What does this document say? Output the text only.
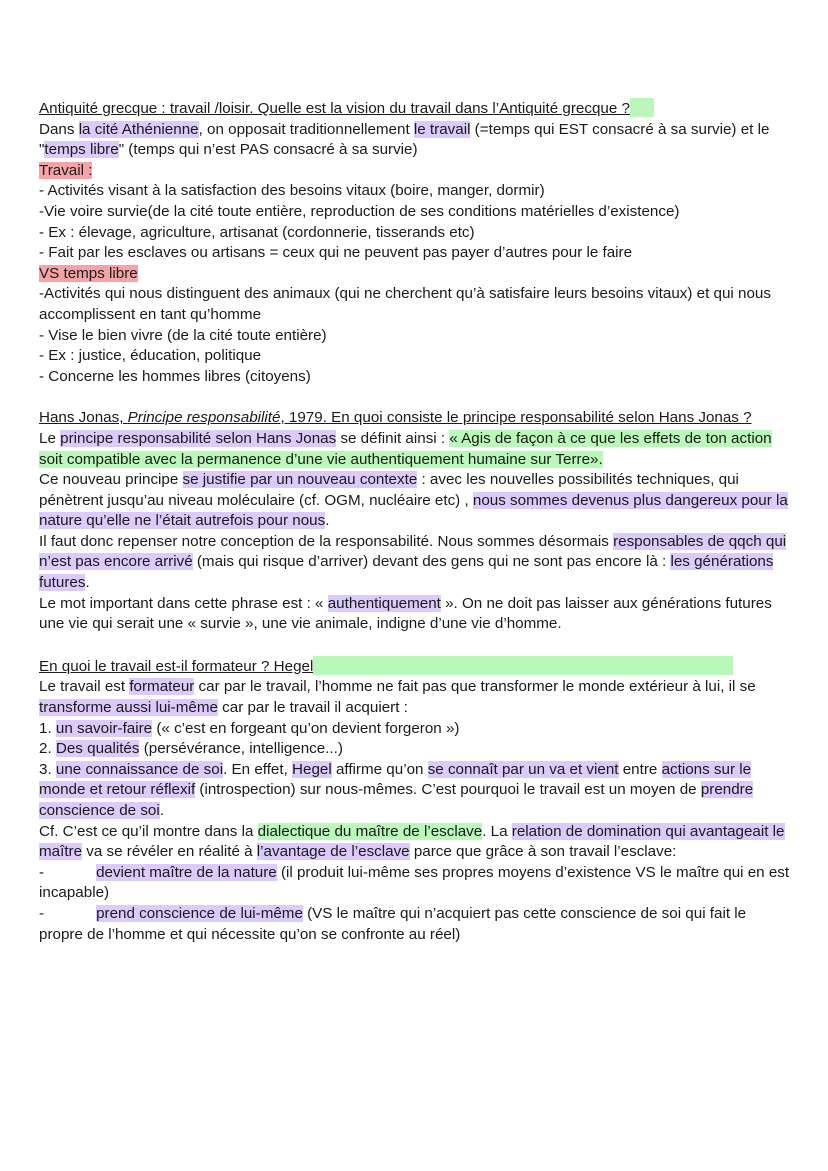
Antiquité grecque : travail /loisir. Quelle est la vision du travail dans l’Antiquité grecque ?

Dans la cité Athénienne, on opposait traditionnellement le travail (=temps qui EST consacré à sa survie) et le "temps libre" (temps qui n’est PAS consacré à sa survie)

Travail :

- Activités visant à la satisfaction des besoins vitaux (boire, manger, dormir)

-Vie voire survie(de la cité toute entière, reproduction de ses conditions matérielles d’existence)

- Ex : élevage, agriculture, artisanat (cordonnerie, tisserands etc)

- Fait par les esclaves ou artisans = ceux qui ne peuvent pas payer d’autres pour le faire

VS temps libre

-Activités qui nous distinguent des animaux (qui ne cherchent qu’à satisfaire leurs besoins vitaux) et qui nous accomplissent en tant qu’homme

- Vise le bien vivre (de la cité toute entière)

- Ex : justice, éducation, politique

- Concerne les hommes libres (citoyens)

Hans Jonas, Principe responsabilité, 1979. En quoi consiste le principe responsabilité selon Hans Jonas ?

Le principe responsabilité selon Hans Jonas se définit ainsi : « Agis de façon à ce que les effets de ton action soit compatible avec la permanence d’une vie authentiquement humaine sur Terre».

Ce nouveau principe se justifie par un nouveau contexte : avec les nouvelles possibilités techniques, qui pénètrent jusqu’au niveau moléculaire (cf. OGM, nucléaire etc) , nous sommes devenus plus dangereux pour la nature qu’elle ne l’était autrefois pour nous.

Il faut donc repenser notre conception de la responsabilité. Nous sommes désormais responsables de qqch qui n’est pas encore arrivé (mais qui risque d’arriver) devant des gens qui ne sont pas encore là : les générations futures.

Le mot important dans cette phrase est : « authentiquement ». On ne doit pas laisser aux générations futures une vie qui serait une « survie », une vie animale, indigne d’une vie d’homme.

En quoi le travail est-il formateur ? Hegel

Le travail est formateur car par le travail, l’homme ne fait pas que transformer le monde extérieur à lui, il se transforme aussi lui-même car par le travail il acquiert :

1. un savoir-faire (« c’est en forgeant qu’on devient forgeron »)

2. Des qualités (persévérance, intelligence...)

3. une connaissance de soi. En effet, Hegel affirme qu’on se connaît par un va et vient entre actions sur le monde et retour réflexif (introspection) sur nous-mêmes. C’est pourquoi le travail est un moyen de prendre conscience de soi.

Cf. C’est ce qu’il montre dans la dialectique du maître de l’esclave. La relation de domination qui avantageait le maître va se révéler en réalité à l’avantage de l’esclave parce que grâce à son travail l’esclave:

-	devient maître de la nature (il produit lui-même ses propres moyens d’existence VS le maître qui en est incapable)

-	prend conscience de lui-même (VS le maître qui n’acquiert pas cette conscience de soi qui fait le propre de l’homme et qui nécessite qu’on se confronte au réel)
